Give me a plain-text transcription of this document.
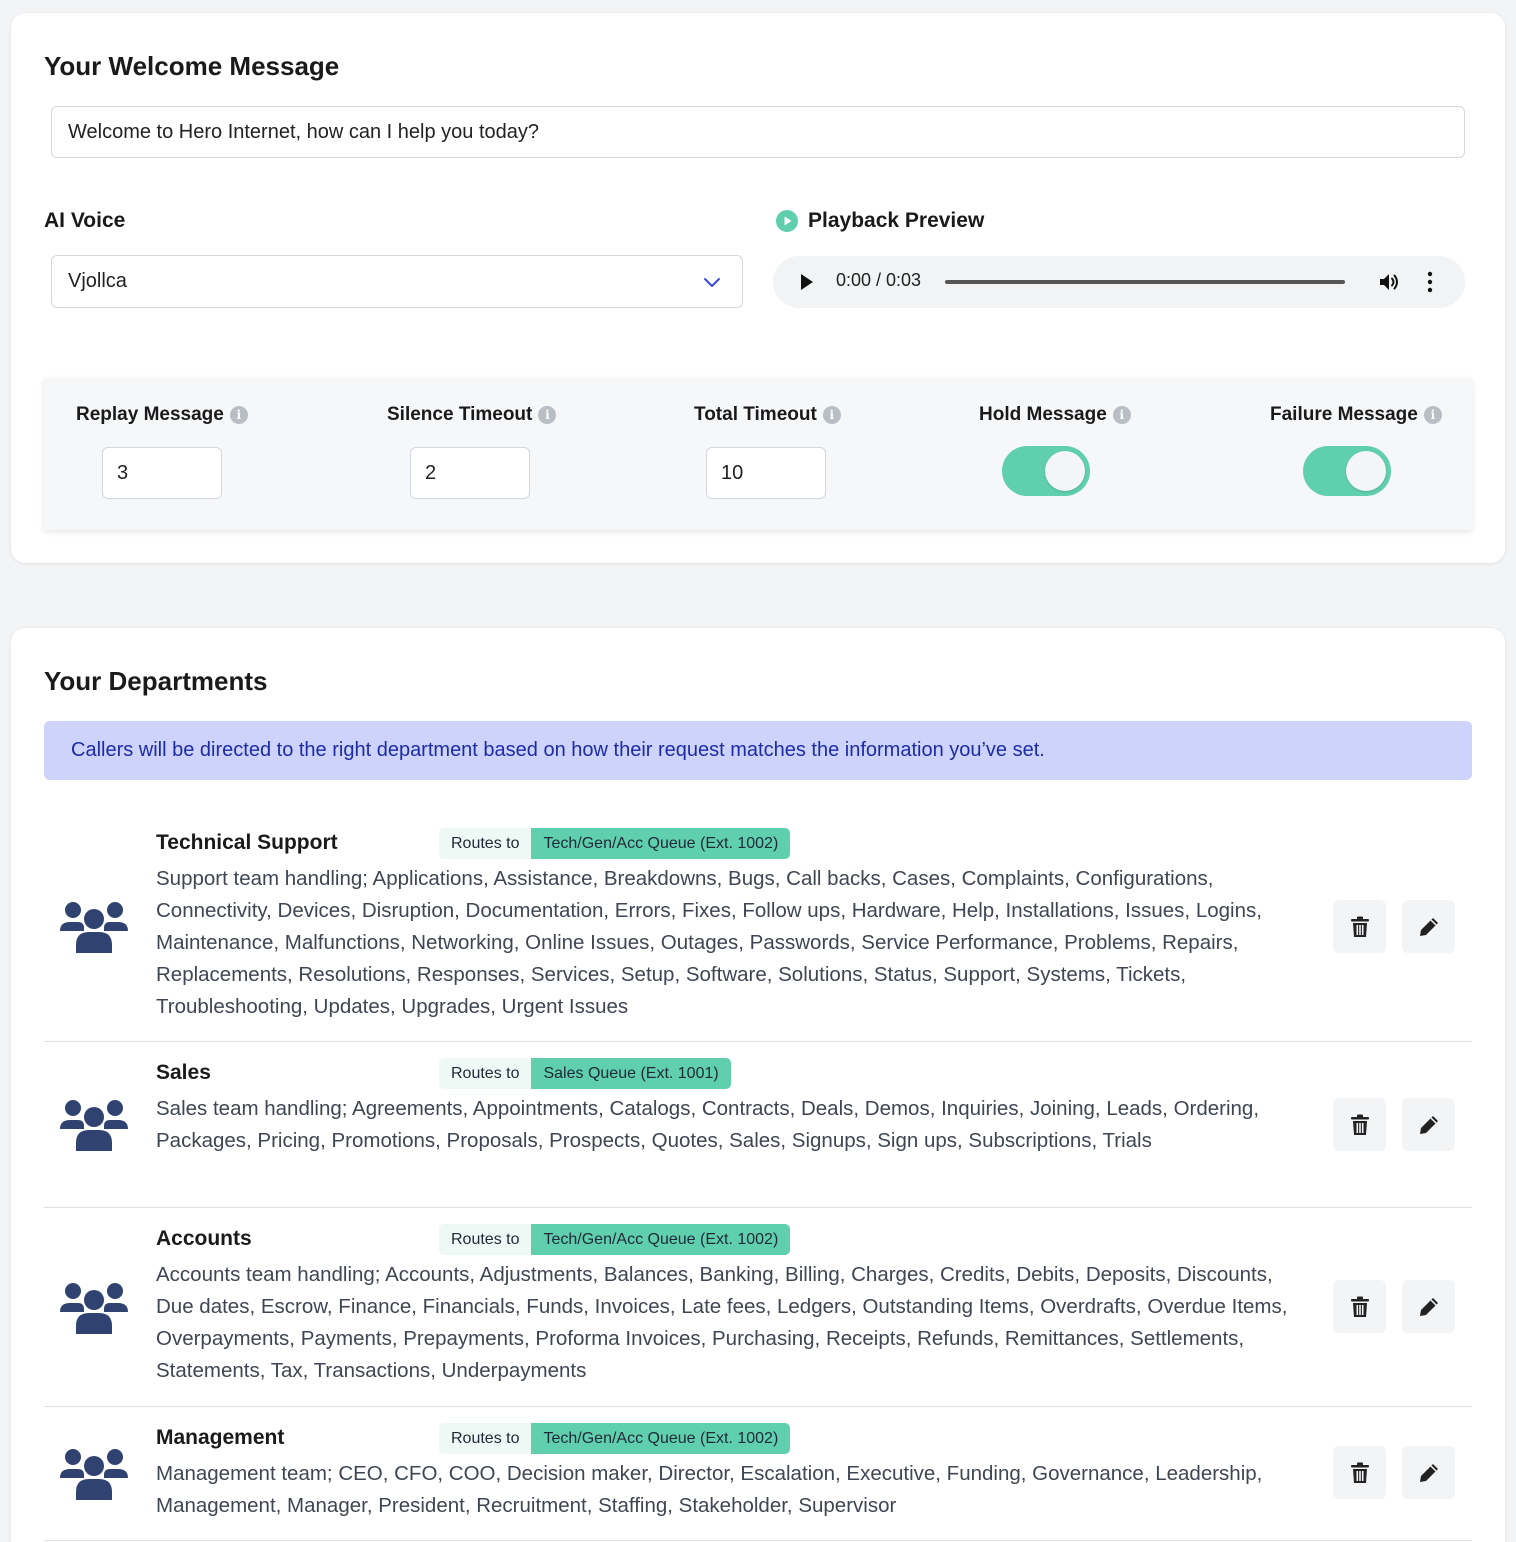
Your Welcome Message
Welcome to Hero Internet, how can I help you today?
AI Voice
Vjollca
Playback Preview
0:00 / 0:03
Replay Message	i
3
Silence Timeout	i
2
Total Timeout	i
10
Hold Message	i	Failure Message	i
Your Departments
Callers will be directed to the right department based on how their request matches the information you’ve set.
Technical Support	Routes to	Tech/Gen/Acc Queue (Ext. 1002)
Support team handling; Applications, Assistance, Breakdowns, Bugs, Call backs, Cases, Complaints, Configurations, Connectivity, Devices, Disruption, Documentation, Errors, Fixes, Follow ups, Hardware, Help, Installations, Issues, Logins, Maintenance, Malfunctions, Networking, Online Issues, Outages, Passwords, Service Performance, Problems, Repairs, Replacements, Resolutions, Responses, Services, Setup, Software, Solutions, Status, Support, Systems, Tickets, Troubleshooting, Updates, Upgrades, Urgent Issues
Sales	Routes to	Sales Queue (Ext. 1001)
Sales team handling; Agreements, Appointments, Catalogs, Contracts, Deals, Demos, Inquiries, Joining, Leads, Ordering, Packages, Pricing, Promotions, Proposals, Prospects, Quotes, Sales, Signups, Sign ups, Subscriptions, Trials
Accounts	Routes to	Tech/Gen/Acc Queue (Ext. 1002)
Accounts team handling; Accounts, Adjustments, Balances, Banking, Billing, Charges, Credits, Debits, Deposits, Discounts, Due dates, Escrow, Finance, Financials, Funds, Invoices, Late fees, Ledgers, Outstanding Items, Overdrafts, Overdue Items, Overpayments, Payments, Prepayments, Proforma Invoices, Purchasing, Receipts, Refunds, Remittances, Settlements, Statements, Tax, Transactions, Underpayments
Management	Routes to	Tech/Gen/Acc Queue (Ext. 1002)
Management team; CEO, CFO, COO, Decision maker, Director, Escalation, Executive, Funding, Governance, Leadership, Management, Manager, President, Recruitment, Staffing, Stakeholder, Supervisor
